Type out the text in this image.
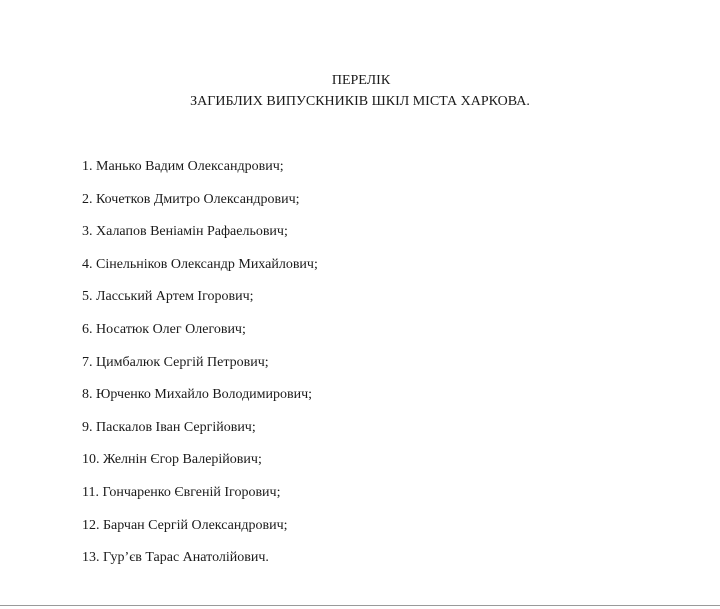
ПЕРЕЛІК
ЗАГИБЛИХ ВИПУСКНИКІВ ШКІЛ МІСТА ХАРКОВА.
1. Манько Вадим Олександрович;
2. Кочетков Дмитро Олександрович;
3. Халапов Веніамін Рафаельович;
4. Сінельніков Олександр Михайлович;
5. Ласський Артем Ігорович;
6. Носатюк Олег Олегович;
7. Цимбалюк Сергій Петрович;
8. Юрченко Михайло Володимирович;
9. Паскалов Іван Сергійович;
10. Желнін Єгор Валерійович;
11. Гончаренко Євгеній Ігорович;
12. Барчан Сергій Олександрович;
13. Гур’єв Тарас Анатолійович.
